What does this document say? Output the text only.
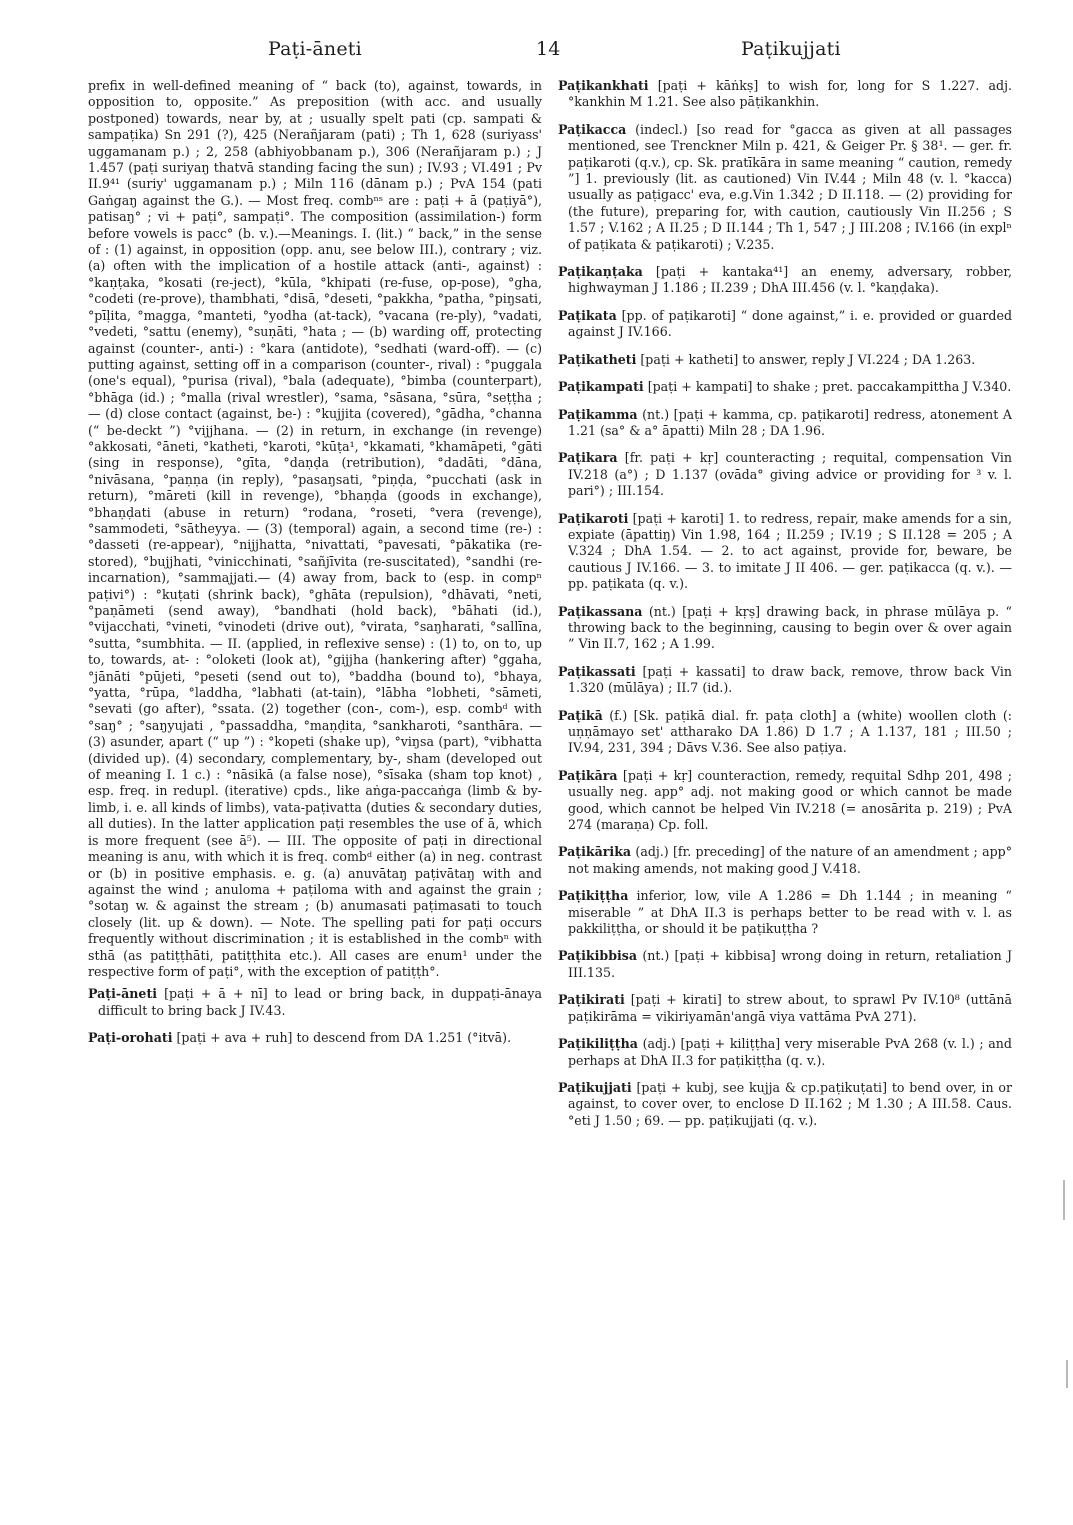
Paṭi-āneti	14	Paṭikujjati

prefix in well-defined meaning of “ back (to), against, towards, in opposition to, opposite.” As preposition (with acc. and usually postponed) towards, near by, at ; usually spelt pati (cp. sampati & sampaṭika) Sn 291 (?), 425 (Nerañjaram (pati) ; Th 1, 628 (suriyass' uggamanam p.) ; 2, 258 (abhiyobbanam p.), 306 (Nerañjaram p.) ; J 1.457 (paṭi suriyaŋ thatvā standing facing the sun) ; IV.93 ; VI.491 ; Pv II.9⁴¹ (suriy' uggamanam p.) ; Miln 116 (dānam p.) ; PvA 154 (pati Gaṅgaŋ against the G.). — Most freq. combⁿˢ are : paṭi + ā (paṭiyā°), patisaŋ° ; vi + paṭi°, sampaṭi°. The composition (assimilation-) form before vowels is pacc° (b. v.).—Meanings. I. (lit.) “ back,” in the sense of : (1) against, in opposition (opp. anu, see below III.), contrary ; viz. (a) often with the implication of a hostile attack (anti-, against) : °kaṇṭaka, °kosati (re-ject), °kūla, °khipati (re-fuse, op-pose), °gha, °codeti (re-prove), thambhati, °disā, °deseti, °pakkha, °patha, °piŋsati, °pīḷita, °magga, °manteti, °yodha (at-tack), °vacana (re-ply), °vadati, °vedeti, °sattu (enemy), °suṇāti, °hata ; — (b) warding off, protecting against (counter-, anti-) : °kara (antidote), °sedhati (ward-off). — (c) putting against, setting off in a comparison (counter-, rival) : °puggala (one's equal), °purisa (rival), °bala (adequate), °bimba (counterpart), °bhāga (id.) ; °malla (rival wrestler), °sama, °sāsana, °sūra, °seṭṭha ; — (d) close contact (against, be-) : °kujjita (covered), °gādha, °channa (“ be-deckt ”) °vijjhana. — (2) in return, in exchange (in revenge) °akkosati, °āneti, °katheti, °karoti, °kūṭa¹, °kkamati, °khamāpeti, °gāti (sing in response), °gīta, °daṇḍa (retribution), °dadāti, °dāna, °nivāsana, °paṇṇa (in reply), °pasaŋsati, °piṇḍa, °pucchati (ask in return), °māreti (kill in revenge), °bhaṇḍa (goods in exchange), °bhaṇḍati (abuse in return) °rodana, °roseti, °vera (revenge), °sammodeti, °sātheyya. — (3) (temporal) again, a second time (re-) : °dasseti (re-appear), °nijjhatta, °nivattati, °pavesati, °pākatika (re-stored), °bujjhati, °vinicchinati, °sañjīvita (re-suscitated), °sandhi (re-incarnation), °sammajjati.— (4) away from, back to (esp. in compⁿ paṭivi°) : °kuṭati (shrink back), °ghāta (repulsion), °dhāvati, °neti, °paṇāmeti (send away), °bandhati (hold back), °bāhati (id.), °vijacchati, °vineti, °vinodeti (drive out), °virata, °saŋharati, °sallīna, °sutta, °sumbhita. — II. (applied, in reflexive sense) : (1) to, on to, up to, towards, at- : °oloketi (look at), °gijjha (hankering after) °ggaha, °jānāti °pūjeti, °peseti (send out to), °baddha (bound to), °bhaya, °yatta, °rūpa, °laddha, °labhati (at-tain), °lābha °lobheti, °sāmeti, °sevati (go after), °ssata. (2) together (con-, com-), esp. combᵈ with °saŋ° ; °saŋyujati , °passaddha, °maṇḍita, °sankharoti, °santhāra. — (3) asunder, apart (“ up ”) : °kopeti (shake up), °viŋsa (part), °vibhatta (divided up). (4) secondary, complementary, by-, sham (developed out of meaning I. 1 c.) : °nāsikā (a false nose), °sīsaka (sham top knot) , esp. freq. in redupl. (iterative) cpds., like aṅga-paccaṅga (limb & by-limb, i. e. all kinds of limbs), vata-paṭivatta (duties & secondary duties, all duties). In the latter application paṭi resembles the use of ā, which is more frequent (see ā⁵). — III. The opposite of paṭi in directional meaning is anu, with which it is freq. combᵈ either (a) in neg. contrast or (b) in positive emphasis. e. g. (a) anuvātaŋ paṭivātaŋ with and against the wind ; anuloma + paṭiloma with and against the grain ; °sotaŋ w. & against the stream ; (b) anumasati paṭimasati to touch closely (lit. up & down). — Note. The spelling pati for paṭi occurs frequently without discrimination ; it is established in the combⁿ with sthā (as patiṭṭhāti, patiṭṭhita etc.). All cases are enum¹ under the respective form of paṭi°, with the exception of patiṭṭh°.

Paṭi-āneti [paṭi + ā + nī] to lead or bring back, in duppaṭi-ānaya difficult to bring back J IV.43.

Paṭi-orohati [paṭi + ava + ruh] to descend from DA 1.251 (°itvā).

Paṭikankhati [paṭi + kāṅkṣ] to wish for, long for S 1.227. adj. °kankhin M 1.21. See also pāṭikankhin.

Paṭikacca (indecl.) [so read for °gacca as given at all passages mentioned, see Trenckner Miln p. 421, & Geiger Pr. § 38¹. — ger. fr. paṭikaroti (q.v.), cp. Sk. pratīkāra in same meaning “ caution, remedy ”] 1. previously (lit. as cautioned) Vin IV.44 ; Miln 48 (v. l. °kacca) usually as paṭigacc' eva, e.g.Vin 1.342 ; D II.118. — (2) providing for (the future), preparing for, with caution, cautiously Vin II.256 ; S 1.57 ; V.162 ; A II.25 ; D II.144 ; Th 1, 547 ; J III.208 ; IV.166 (in explⁿ of paṭikata & paṭikaroti) ; V.235.

Paṭikaṇṭaka [paṭi + kantaka⁴¹] an enemy, adversary, robber, highwayman J 1.186 ; II.239 ; DhA III.456 (v. l. °kaṇḍaka).

Paṭikata [pp. of paṭikaroti] “ done against,” i. e. provided or guarded against J IV.166.

Paṭikatheti [paṭi + katheti] to answer, reply J VI.224 ; DA 1.263.

Paṭikampati [paṭi + kampati] to shake ; pret. paccakampittha J V.340.

Paṭikamma (nt.) [paṭi + kamma, cp. paṭikaroti] redress, atonement A 1.21 (sa° & a° āpatti) Miln 28 ; DA 1.96.

Paṭikara [fr. paṭi + kṛ] counteracting ; requital, compensation Vin IV.218 (a°) ; D 1.137 (ovāda° giving advice or providing for ³ v. l. pari°) ; III.154.

Paṭikaroti [paṭi + karoti] 1. to redress, repair, make amends for a sin, expiate (āpattiŋ) Vin 1.98, 164 ; II.259 ; IV.19 ; S II.128 = 205 ; A V.324 ; DhA 1.54. — 2. to act against, provide for, beware, be cautious J IV.166. — 3. to imitate J II 406. — ger. paṭikacca (q. v.). — pp. paṭikata (q. v.).

Paṭikassana (nt.) [paṭi + kṛṣ] drawing back, in phrase mūlāya p. “ throwing back to the beginning, causing to begin over & over again ” Vin II.7, 162 ; A 1.99.

Paṭikassati [paṭi + kassati] to draw back, remove, throw back Vin 1.320 (mūlāya) ; II.7 (id.).

Paṭikā (f.) [Sk. paṭikā dial. fr. paṭa cloth] a (white) woollen cloth (: uṇṇāmayo set' attharako DA 1.86) D 1.7 ; A 1.137, 181 ; III.50 ; IV.94, 231, 394 ; Dāvs V.36. See also paṭiya.

Paṭikāra [paṭi + kṛ] counteraction, remedy, requital Sdhp 201, 498 ; usually neg. app° adj. not making good or which cannot be made good, which cannot be helped Vin IV.218 (= anosārita p. 219) ; PvA 274 (maraṇa) Cp. foll.

Paṭikārika (adj.) [fr. preceding] of the nature of an amendment ; app° not making amends, not making good J V.418.

Paṭikiṭṭha inferior, low, vile A 1.286 = Dh 1.144 ; in meaning “ miserable ” at DhA II.3 is perhaps better to be read with v. l. as pakkiliṭṭha, or should it be paṭikuṭṭha ?

Paṭikibbisa (nt.) [paṭi + kibbisa] wrong doing in return, retaliation J III.135.

Paṭikirati [paṭi + kirati] to strew about, to sprawl Pv IV.10⁸ (uttānā paṭikirāma = vikiriyamān'angā viya vattāma PvA 271).

Paṭikiliṭṭha (adj.) [paṭi + kiliṭṭha] very miserable PvA 268 (v. l.) ; and perhaps at DhA II.3 for paṭikiṭṭha (q. v.).

Paṭikujjati [paṭi + kubj, see kujja & cp.paṭikuṭati] to bend over, in or against, to cover over, to enclose D II.162 ; M 1.30 ; A III.58. Caus. °eti J 1.50 ; 69. — pp. paṭikujjati (q. v.).
